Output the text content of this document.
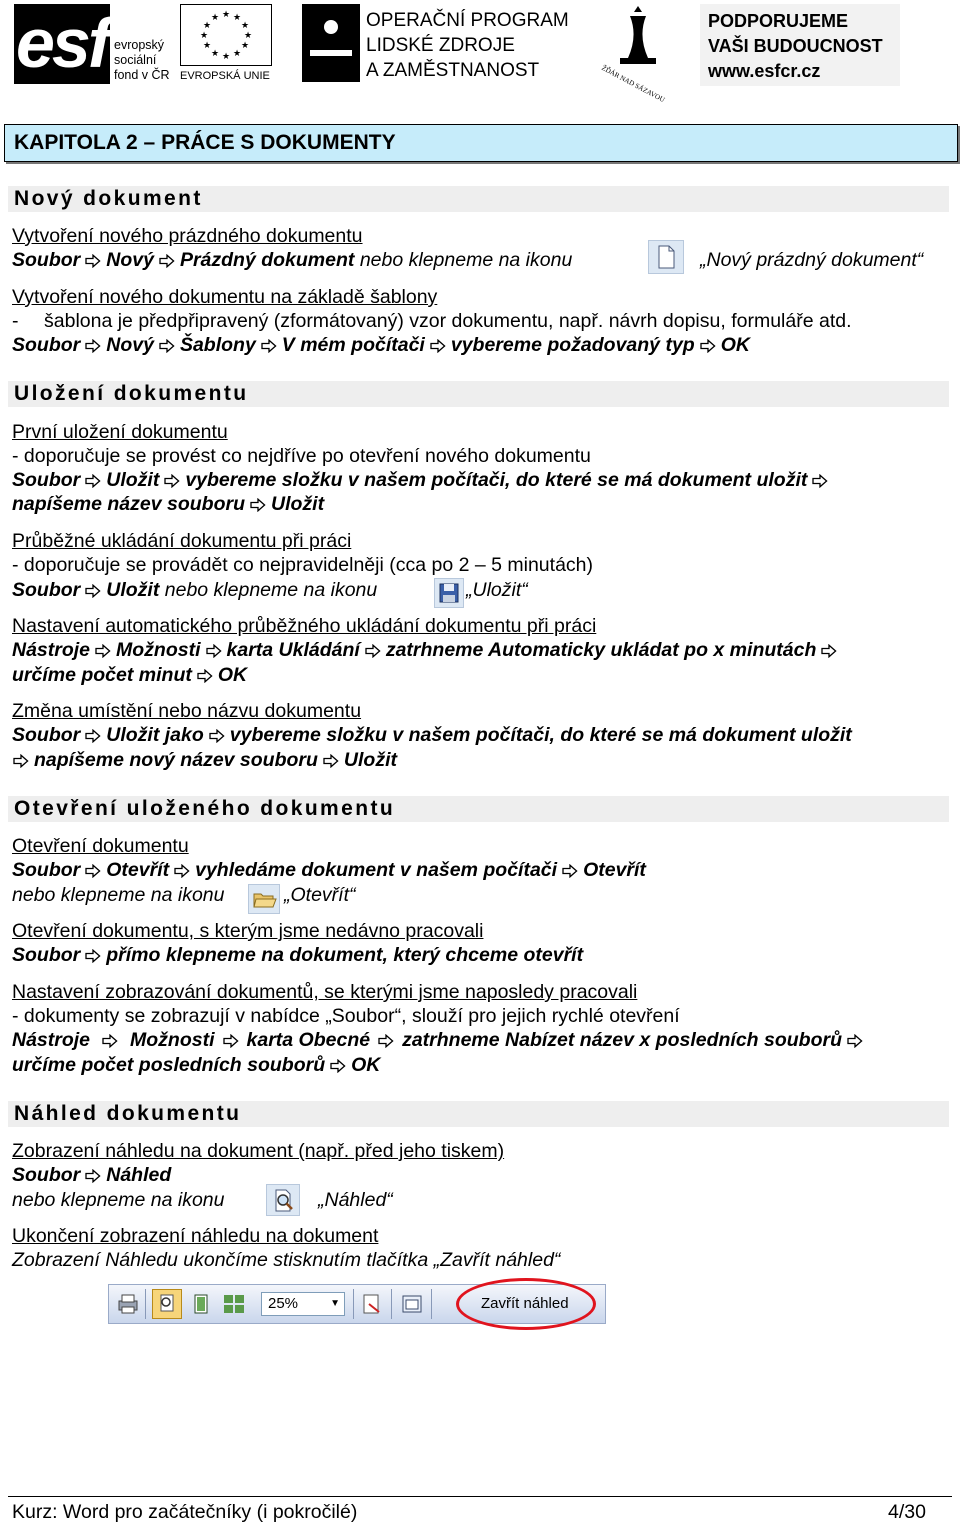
esf evropský
sociální
fond v ČR
★ ★
★
★
★
★
★
★
★
★
★
★
EVROPSKÁ UNIE
OPERAČNÍ PROGRAM
LIDSKÉ ZDROJE
A ZAMĚSTNANOST	ŽĎÁR NAD SÁZAVOU
PODPORUJEME
VAŠI BUDOUCNOST
www.esfcr.cz
KAPITOLA 2 – PRÁCE S DOKUMENTY
Nový dokument
Vytvoření nového prázdného dokumentu
Soubor Nový Prázdný dokument nebo klepneme na ikonu	„Nový prázdný dokument“
Vytvoření nového dokumentu na základě šablony
- šablona je předpřipravený (zformátovaný) vzor dokumentu, např. návrh dopisu, formuláře atd.
Soubor Nový Šablony V mém počítači vybereme požadovaný typ OK
Uložení dokumentu
První uložení dokumentu
- doporučuje se provést co nejdříve po otevření nového dokumentu
Soubor Uložit vybereme složku v našem počítači, do které se má dokument uložit
napíšeme název souboru Uložit
Průběžné ukládání dokumentu při práci
- doporučuje se provádět co nejpravidelněji (cca po 2 – 5 minutách)
Soubor Uložit nebo klepneme na ikonu	„Uložit“
Nastavení automatického průběžného ukládání dokumentu při práci
Nástroje Možnosti karta Ukládání zatrhneme Automaticky ukládat po x minutách
určíme počet minut OK
Změna umístění nebo názvu dokumentu
Soubor Uložit jako vybereme složku v našem počítači, do které se má dokument uložit
napíšeme nový název souboru Uložit
Otevření uloženého dokumentu
Otevření dokumentu
Soubor Otevřít vyhledáme dokument v našem počítači Otevřít
nebo klepneme na ikonu	„Otevřít“
Otevření dokumentu, s kterým jsme nedávno pracovali
Soubor přímo klepneme na dokument, který chceme otevřít
Nastavení zobrazování dokumentů, se kterými jsme naposledy pracovali
- dokumenty se zobrazují v nabídce „Soubor“, slouží pro jejich rychlé otevření
Nástroje Možnosti karta Obecné zatrhneme Nabízet název x posledních souborů
určíme počet posledních souborů OK
Náhled dokumentu
Zobrazení náhledu na dokument (např. před jeho tiskem)
Soubor Náhled
nebo klepneme na ikonu	„Náhled“
Ukončení zobrazení náhledu na dokument
Zobrazení Náhledu ukončíme stisknutím tlačítka „Zavřít náhled“
25%	▼	Zavřít náhled
Kurz: Word pro začátečníky (i pokročilé)	4/30
